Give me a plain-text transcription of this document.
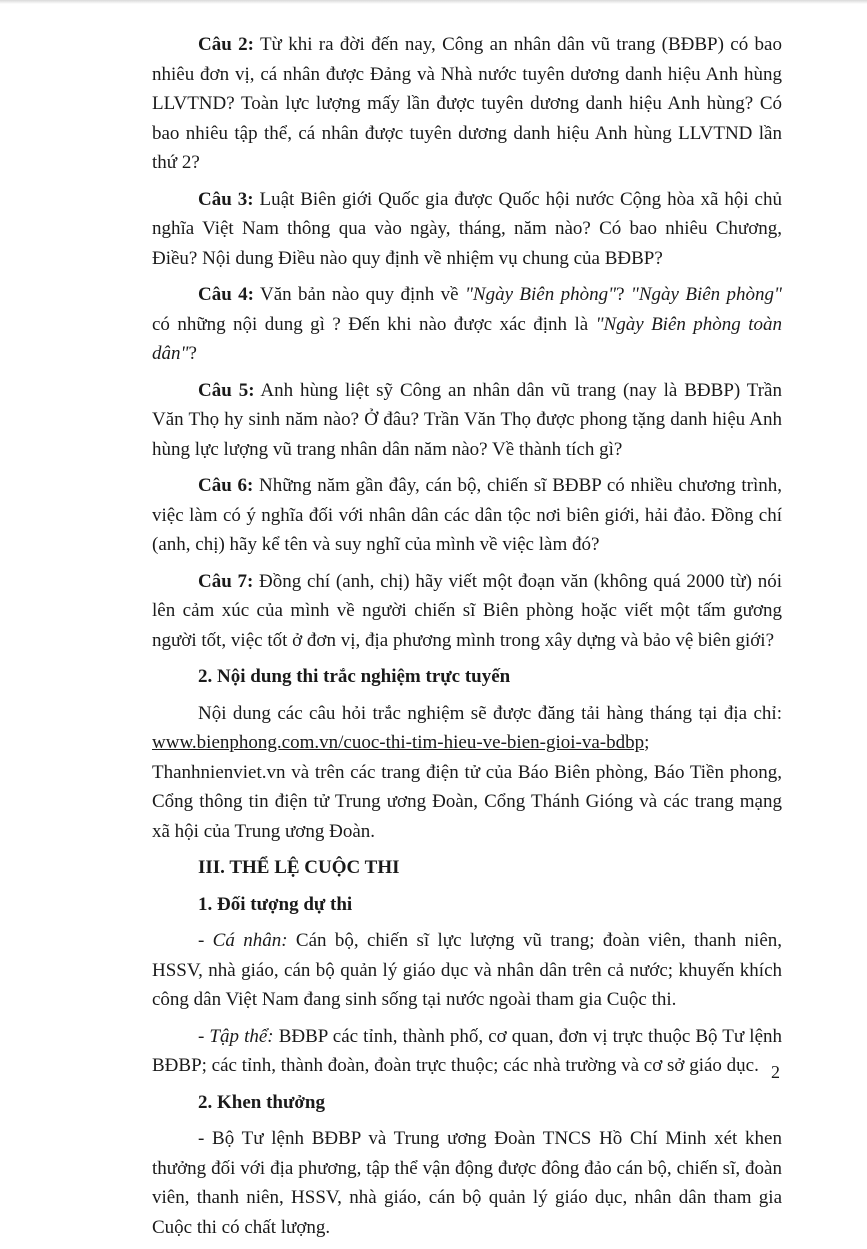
Câu 2: Từ khi ra đời đến nay, Công an nhân dân vũ trang (BĐBP) có bao nhiêu đơn vị, cá nhân được Đảng và Nhà nước tuyên dương danh hiệu Anh hùng LLVTND? Toàn lực lượng mấy lần được tuyên dương danh hiệu Anh hùng? Có bao nhiêu tập thể, cá nhân được tuyên dương danh hiệu Anh hùng LLVTND lần thứ 2?

Câu 3: Luật Biên giới Quốc gia được Quốc hội nước Cộng hòa xã hội chủ nghĩa Việt Nam thông qua vào ngày, tháng, năm nào? Có bao nhiêu Chương, Điều? Nội dung Điều nào quy định về nhiệm vụ chung của BĐBP?

Câu 4: Văn bản nào quy định về "Ngày Biên phòng"? "Ngày Biên phòng" có những nội dung gì ? Đến khi nào được xác định là "Ngày Biên phòng toàn dân"?

Câu 5: Anh hùng liệt sỹ Công an nhân dân vũ trang (nay là BĐBP) Trần Văn Thọ hy sinh năm nào? Ở đâu? Trần Văn Thọ được phong tặng danh hiệu Anh hùng lực lượng vũ trang nhân dân năm nào? Về thành tích gì?

Câu 6: Những năm gần đây, cán bộ, chiến sĩ BĐBP có nhiều chương trình, việc làm có ý nghĩa đối với nhân dân các dân tộc nơi biên giới, hải đảo. Đồng chí (anh, chị) hãy kể tên và suy nghĩ của mình về việc làm đó?

Câu 7: Đồng chí (anh, chị) hãy viết một đoạn văn (không quá 2000 từ) nói lên cảm xúc của mình về người chiến sĩ Biên phòng hoặc viết một tấm gương người tốt, việc tốt ở đơn vị, địa phương mình trong xây dựng và bảo vệ biên giới?

2. Nội dung thi trắc nghiệm trực tuyến

Nội dung các câu hỏi trắc nghiệm sẽ được đăng tải hàng tháng tại địa chỉ: www.bienphong.com.vn/cuoc-thi-tim-hieu-ve-bien-gioi-va-bdbp; Thanhnienviet.vn và trên các trang điện tử của Báo Biên phòng, Báo Tiền phong, Cổng thông tin điện tử Trung ương Đoàn, Cổng Thánh Gióng và các trang mạng xã hội của Trung ương Đoàn.

III. THỂ LỆ CUỘC THI

1. Đối tượng dự thi

- Cá nhân: Cán bộ, chiến sĩ lực lượng vũ trang; đoàn viên, thanh niên, HSSV, nhà giáo, cán bộ quản lý giáo dục và nhân dân trên cả nước; khuyến khích công dân Việt Nam đang sinh sống tại nước ngoài tham gia Cuộc thi.

- Tập thể: BĐBP các tỉnh, thành phố, cơ quan, đơn vị trực thuộc Bộ Tư lệnh BĐBP; các tỉnh, thành đoàn, đoàn trực thuộc; các nhà trường và cơ sở giáo dục.

2. Khen thưởng

- Bộ Tư lệnh BĐBP và Trung ương Đoàn TNCS Hồ Chí Minh xét khen thưởng đối với địa phương, tập thể vận động được đông đảo cán bộ, chiến sĩ, đoàn viên, thanh niên, HSSV, nhà giáo, cán bộ quản lý giáo dục, nhân dân tham gia Cuộc thi có chất lượng.

2
